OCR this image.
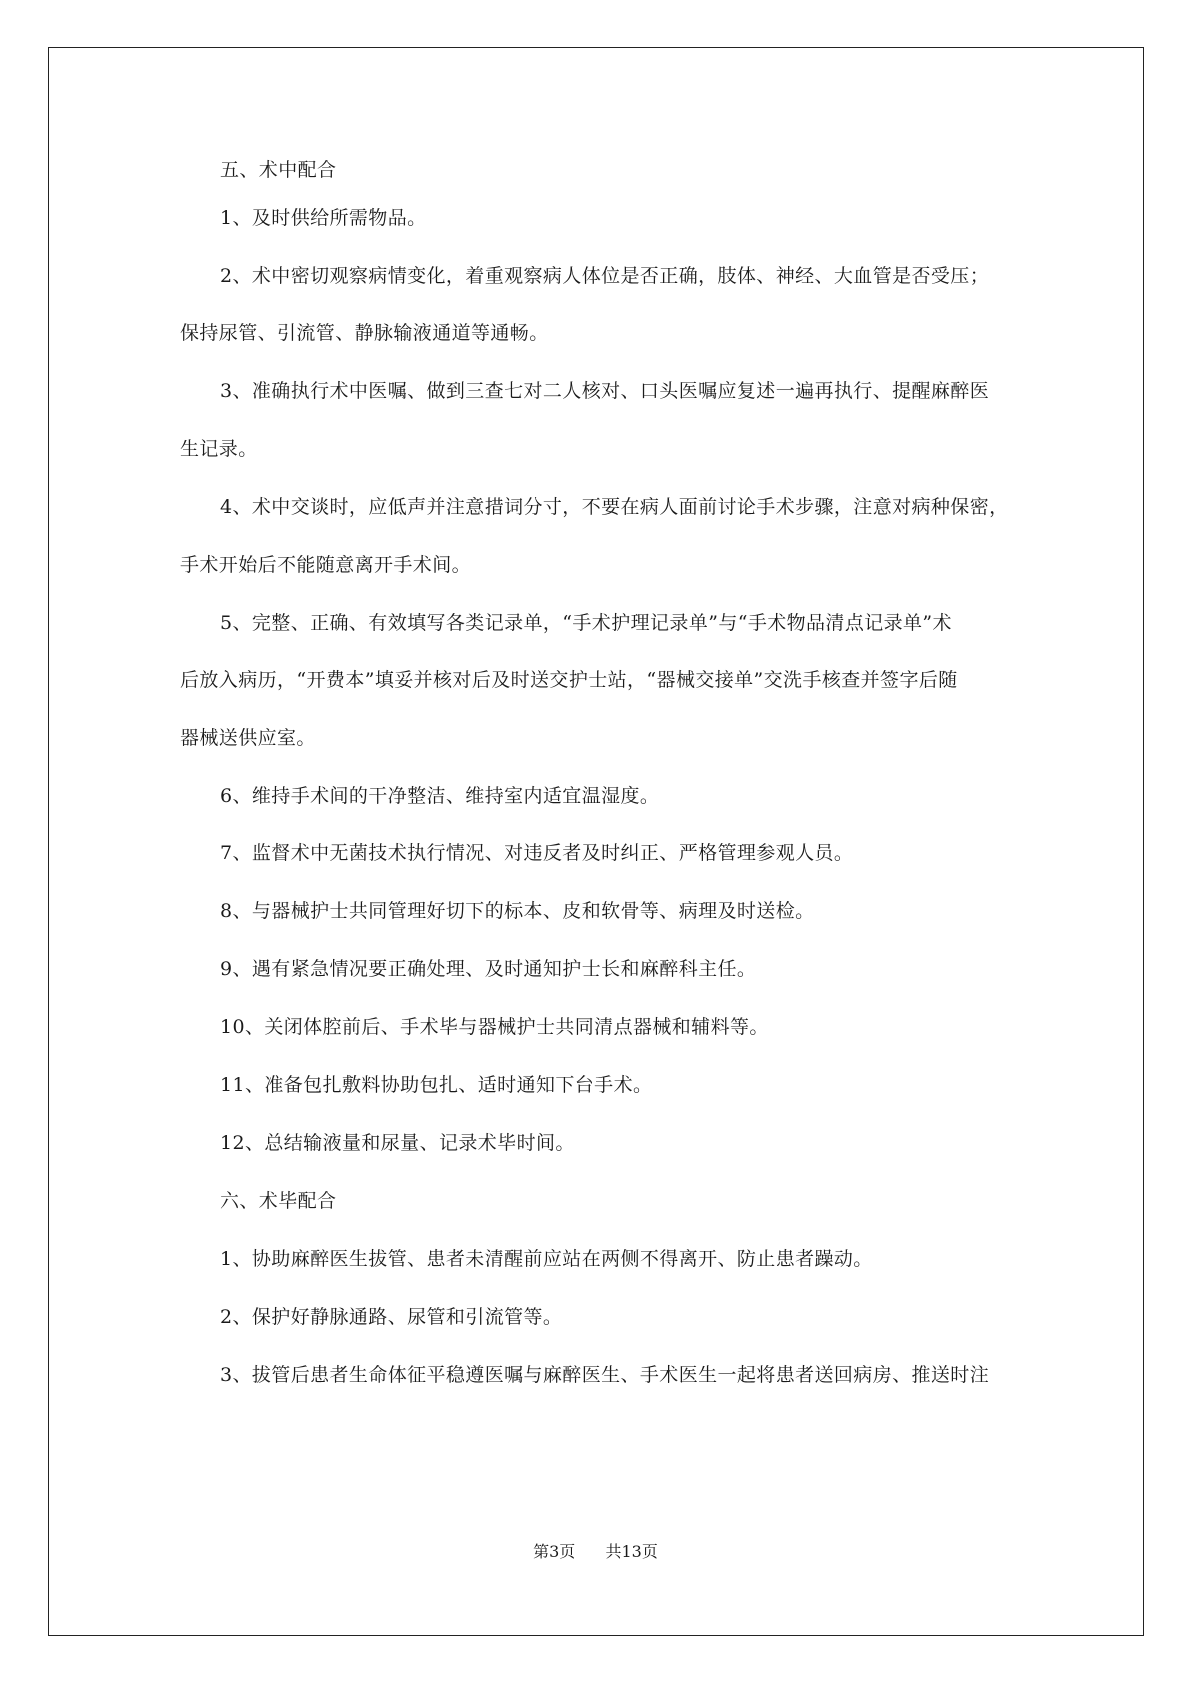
五、术中配合
1、及时供给所需物品。
2、术中密切观察病情变化，着重观察病人体位是否正确，肢体、神经、大血管是否受压；
保持尿管、引流管、静脉输液通道等通畅。
3、准确执行术中医嘱、做到三查七对二人核对、口头医嘱应复述一遍再执行、提醒麻醉医
生记录。
4、术中交谈时，应低声并注意措词分寸，不要在病人面前讨论手术步骤，注意对病种保密，
手术开始后不能随意离开手术间。
5、完整、正确、有效填写各类记录单，“手术护理记录单”与“手术物品清点记录单”术
后放入病历，“开费本”填妥并核对后及时送交护士站，“器械交接单”交洗手核查并签字后随
器械送供应室。
6、维持手术间的干净整洁、维持室内适宜温湿度。
7、监督术中无菌技术执行情况、对违反者及时纠正、严格管理参观人员。
8、与器械护士共同管理好切下的标本、皮和软骨等、病理及时送检。
9、遇有紧急情况要正确处理、及时通知护士长和麻醉科主任。
10、关闭体腔前后、手术毕与器械护士共同清点器械和辅料等。
11、准备包扎敷料协助包扎、适时通知下台手术。
12、总结输液量和尿量、记录术毕时间。
六、术毕配合
1、协助麻醉医生拔管、患者未清醒前应站在两侧不得离开、防止患者躁动。
2、保护好静脉通路、尿管和引流管等。
3、拔管后患者生命体征平稳遵医嘱与麻醉医生、手术医生一起将患者送回病房、推送时注
第3页 共13页
